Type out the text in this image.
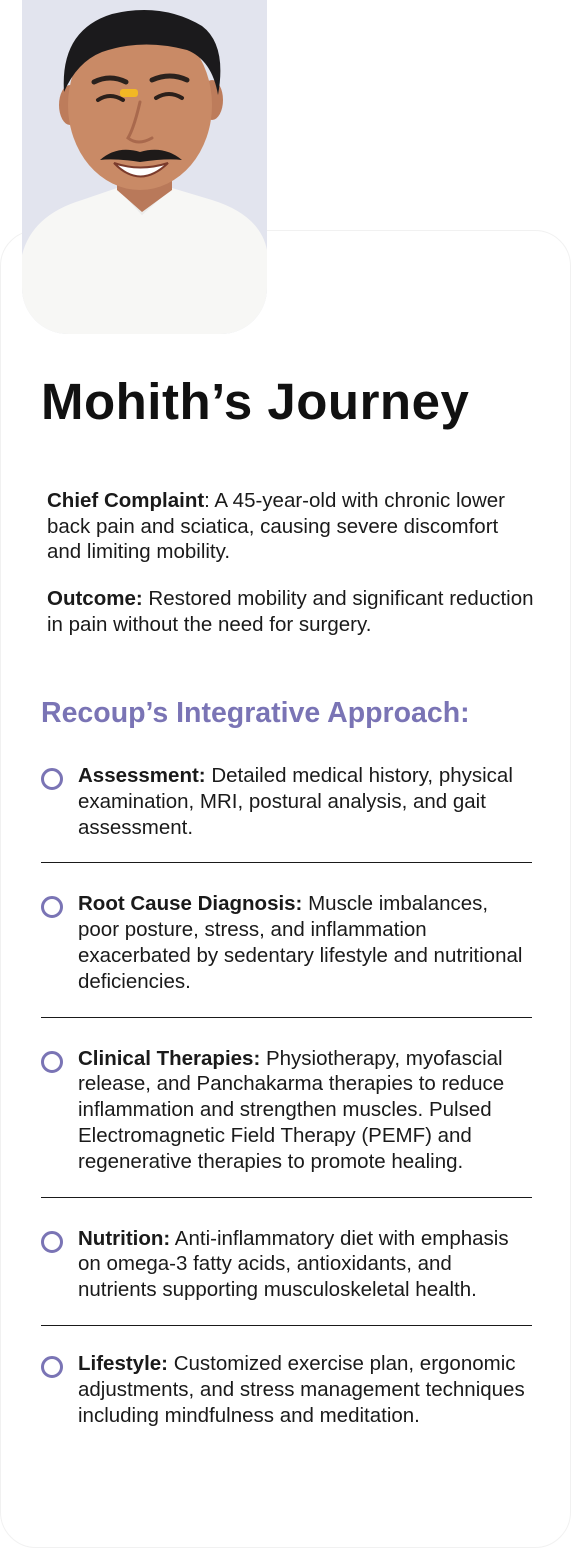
Mohith’s Journey

Chief Complaint: A 45-year-old with chronic lower back pain and sciatica, causing severe discomfort and limiting mobility.

Outcome: Restored mobility and significant reduction in pain without the need for surgery.

Recoup’s Integrative Approach:
Assessment: Detailed medical history, physical examination, MRI, postural analysis, and gait assessment.
Root Cause Diagnosis: Muscle imbalances, poor posture, stress, and inflammation exacerbated by sedentary lifestyle and nutritional deficiencies.
Clinical Therapies: Physiotherapy, myofascial release, and Panchakarma therapies to reduce inflammation and strengthen muscles. Pulsed Electromagnetic Field Therapy (PEMF) and regenerative therapies to promote healing.
Nutrition: Anti-inflammatory diet with emphasis on omega-3 fatty acids, antioxidants, and nutrients supporting musculoskeletal health.
Lifestyle: Customized exercise plan, ergonomic adjustments, and stress management techniques including mindfulness and meditation.
